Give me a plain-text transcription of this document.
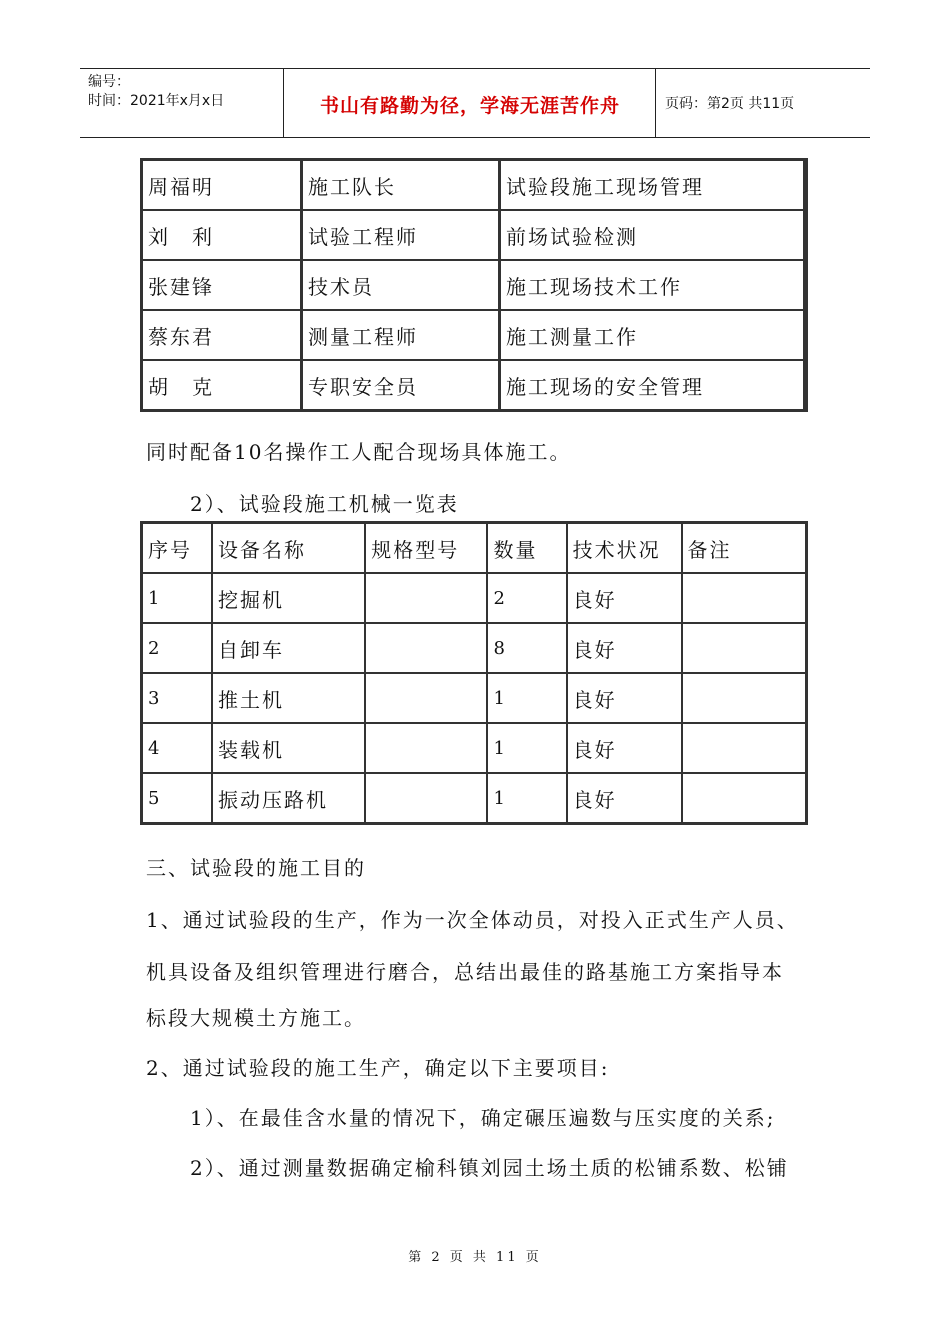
编号：
时间：2021年x月x日	书山有路勤为径，学海无涯苦作舟	页码：第2页 共11页
周福明	施工队长	试验段施工现场管理
刘　利	试验工程师	前场试验检测
张建锋	技术员	施工现场技术工作
蔡东君	测量工程师	施工测量工作
胡　克	专职安全员	施工现场的安全管理
同时配备10名操作工人配合现场具体施工。
2）、试验段施工机械一览表
序号	设备名称	规格型号	数量	技术状况	备注
1	挖掘机		2	良好	
2	自卸车		8	良好	
3	推土机		1	良好	
4	装载机		1	良好	
5	振动压路机		1	良好	
三、试验段的施工目的
1、通过试验段的生产，作为一次全体动员，对投入正式生产人员、
机具设备及组织管理进行磨合，总结出最佳的路基施工方案指导本
标段大规模土方施工。
2、通过试验段的施工生产，确定以下主要项目:
1）、在最佳含水量的情况下，确定碾压遍数与压实度的关系;
2）、通过测量数据确定榆科镇刘园土场土质的松铺系数、松铺
第 2 页 共 11 页
